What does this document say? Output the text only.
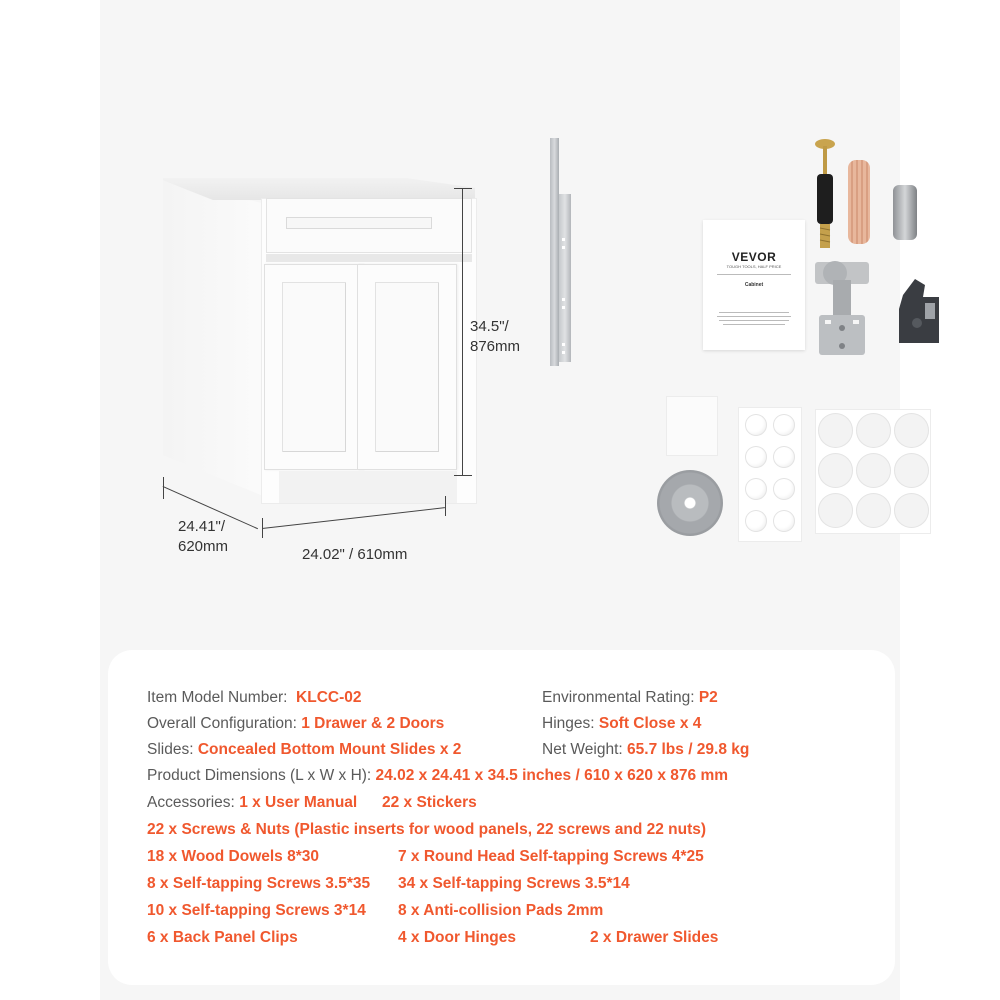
34.5"/
876mm
24.41"/
620mm	24.02" / 610mm
VEVOR
TOUGH TOOLS, HALF PRICE
Cabinet
Item Model Number: KLCC-02	Environmental Rating: P2
Overall Configuration: 1 Drawer & 2 Doors	Hinges: Soft Close x 4
Slides: Concealed Bottom Mount Slides x 2	Net Weight: 65.7 lbs / 29.8 kg
Product Dimensions (L x W x H): 24.02 x 24.41 x 34.5 inches / 610 x 620 x 876 mm
Accessories: 1 x User Manual 22 x Stickers
22 x Screws & Nuts (Plastic inserts for wood panels, 22 screws and 22 nuts)
18 x Wood Dowels 8*30	7 x Round Head Self-tapping Screws 4*25
8 x Self-tapping Screws 3.5*35 34 x Self-tapping Screws 3.5*14
10 x Self-tapping Screws 3*14 8 x Anti-collision Pads 2mm
6 x Back Panel Clips	4 x Door Hinges	2 x Drawer Slides
